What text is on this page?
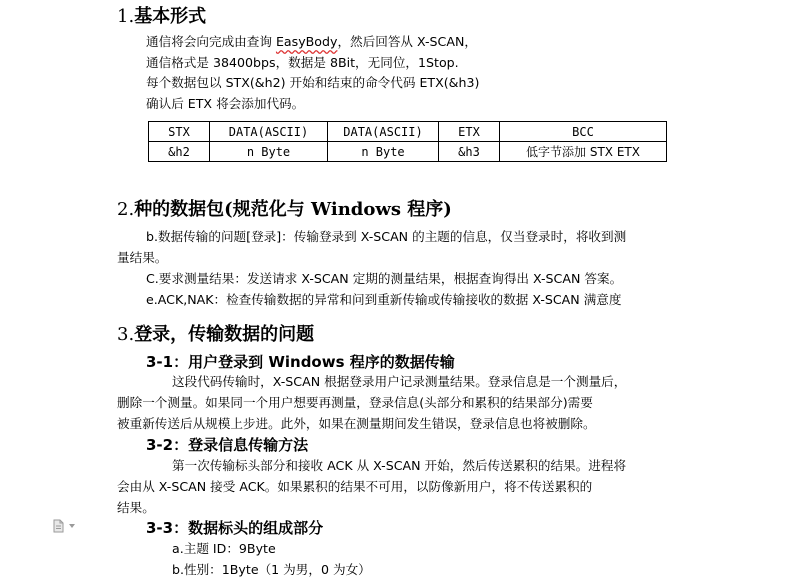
1.基本形式
通信将会向完成由查询 EasyBody，然后回答从 X-SCAN，
通信格式是 38400bps，数据是 8Bit，无同位，1Stop.
每个数据包以 STX(&h2) 开始和结束的命令代码 ETX(&h3)
确认后 ETX 将会添加代码。
STX	DATA(ASCII)	DATA(ASCII)	ETX	BCC
&h2	n Byte	n Byte	&h3	低字节添加 STX ETX
2.种的数据包(规范化与 Windows 程序)
b.数据传输的问题[登录]：传输登录到 X-SCAN 的主题的信息，仅当登录时，将收到测
量结果。
C.要求测量结果：发送请求 X-SCAN 定期的测量结果，根据查询得出 X-SCAN 答案。
e.ACK,NAK：检查传输数据的异常和问到重新传输或传输接收的数据 X-SCAN 满意度
3.登录，传输数据的问题
3-1：用户登录到 Windows 程序的数据传输
这段代码传输时，X-SCAN 根据登录用户记录测量结果。登录信息是一个测量后，
删除一个测量。如果同一个用户想要再测量，登录信息(头部分和累积的结果部分)需要
被重新传送后从规模上步进。此外，如果在测量期间发生错误，登录信息也将被删除。
3-2：登录信息传输方法
第一次传输标头部分和接收 ACK 从 X-SCAN 开始，然后传送累积的结果。进程将
会由从 X-SCAN 接受 ACK。如果累积的结果不可用，以防像新用户，将不传送累积的
结果。
3-3：数据标头的组成部分
a.主题 ID：9Byte
b.性别：1Byte（1 为男，0 为女）
